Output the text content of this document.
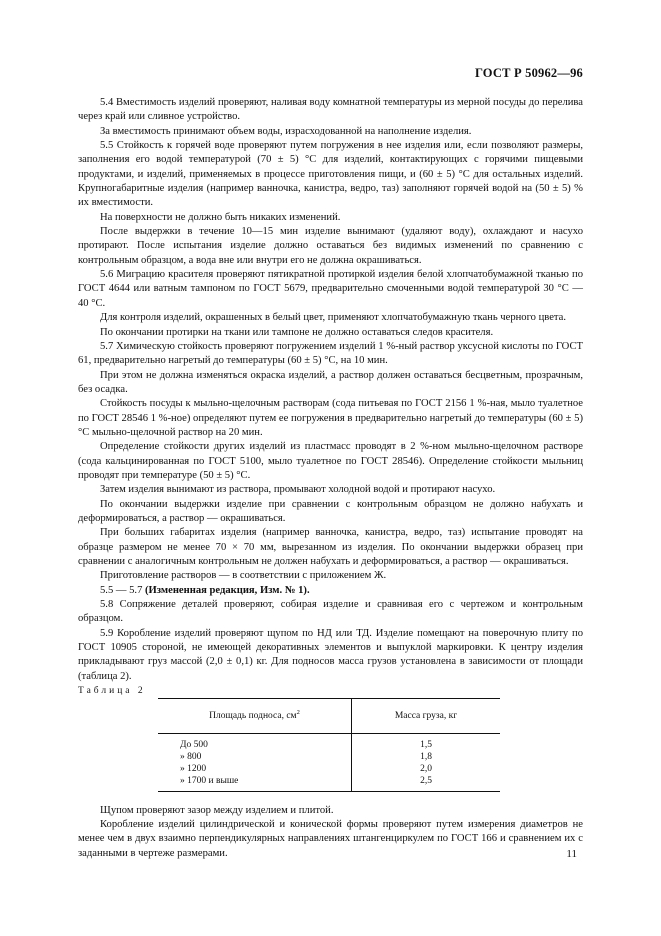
ГОСТ Р 50962—96

5.4 Вместимость изделий проверяют, наливая воду комнатной температуры из мерной посуды до перелива через край или сливное устройство.

За вместимость принимают объем воды, израсходованной на наполнение изделия.

5.5 Стойкость к горячей воде проверяют путем погружения в нее изделия или, если позволяют размеры, заполнения его водой температурой (70 ± 5) °С для изделий, контактирующих с горячими пищевыми продуктами, и изделий, применяемых в процессе приготовления пищи, и (60 ± 5) °С для остальных изделий. Крупногабаритные изделия (например ванночка, канистра, ведро, таз) заполняют горячей водой на (50 ± 5) % их вместимости.

На поверхности не должно быть никаких изменений.

После выдержки в течение 10—15 мин изделие вынимают (удаляют воду), охлаждают и насухо протирают. После испытания изделие должно оставаться без видимых изменений по сравнению с контрольным образцом, а вода вне или внутри его не должна окрашиваться.

5.6 Миграцию красителя проверяют пятикратной протиркой изделия белой хлопчатобумажной тканью по ГОСТ 4644 или ватным тампоном по ГОСТ 5679, предварительно смоченными водой температурой 30 °С — 40 °С.

Для контроля изделий, окрашенных в белый цвет, применяют хлопчатобумажную ткань черного цвета.

По окончании протирки на ткани или тампоне не должно оставаться следов красителя.

5.7 Химическую стойкость проверяют погружением изделий 1 %-ный раствор уксусной кислоты по ГОСТ 61, предварительно нагретый до температуры (60 ± 5) °С, на 10 мин.

При этом не должна изменяться окраска изделий, а раствор должен оставаться бесцветным, прозрачным, без осадка.

Стойкость посуды к мыльно-щелочным растворам (сода питьевая по ГОСТ 2156 1 %-ная, мыло туалетное по ГОСТ 28546 1 %-ное) определяют путем ее погружения в предварительно нагретый до температуры (60 ± 5) °С мыльно-щелочной раствор на 20 мин.

Определение стойкости других изделий из пластмасс проводят в 2 %-ном мыльно-щелочном растворе (сода кальцинированная по ГОСТ 5100, мыло туалетное по ГОСТ 28546). Определение стойкости мыльниц проводят при температуре (50 ± 5) °С.

Затем изделия вынимают из раствора, промывают холодной водой и протирают насухо.

По окончании выдержки изделие при сравнении с контрольным образцом не должно набухать и деформироваться, а раствор — окрашиваться.

При больших габаритах изделия (например ванночка, канистра, ведро, таз) испытание проводят на образце размером не менее 70 × 70 мм, вырезанном из изделия. По окончании выдержки образец при сравнении с аналогичным контрольным не должен набухать и деформироваться, а раствор — окрашиваться.

Приготовление растворов — в соответствии с приложением Ж.

5.5 — 5.7 (Измененная редакция, Изм. № 1).

5.8 Сопряжение деталей проверяют, собирая изделие и сравнивая его с чертежом и контрольным образцом.

5.9 Коробление изделий проверяют щупом по НД или ТД. Изделие помещают на поверочную плиту по ГОСТ 10905 стороной, не имеющей декоративных элементов и выпуклой маркировки. К центру изделия прикладывают груз массой (2,0 ± 0,1) кг. Для подносов масса грузов установлена в зависимости от площади (таблица 2).

Таблица 2

Площадь подноса, $см^2$	Масса груза, кг
До 500	1,5
» 800	1,8
» 1200	2,0
» 1700 и выше	2,5

Щупом проверяют зазор между изделием и плитой.

Коробление изделий цилиндрической и конической формы проверяют путем измерения диаметров не менее чем в двух взаимно перпендикулярных направлениях штангенциркулем по ГОСТ 166 и сравнением их с заданными в чертеже размерами.	11
